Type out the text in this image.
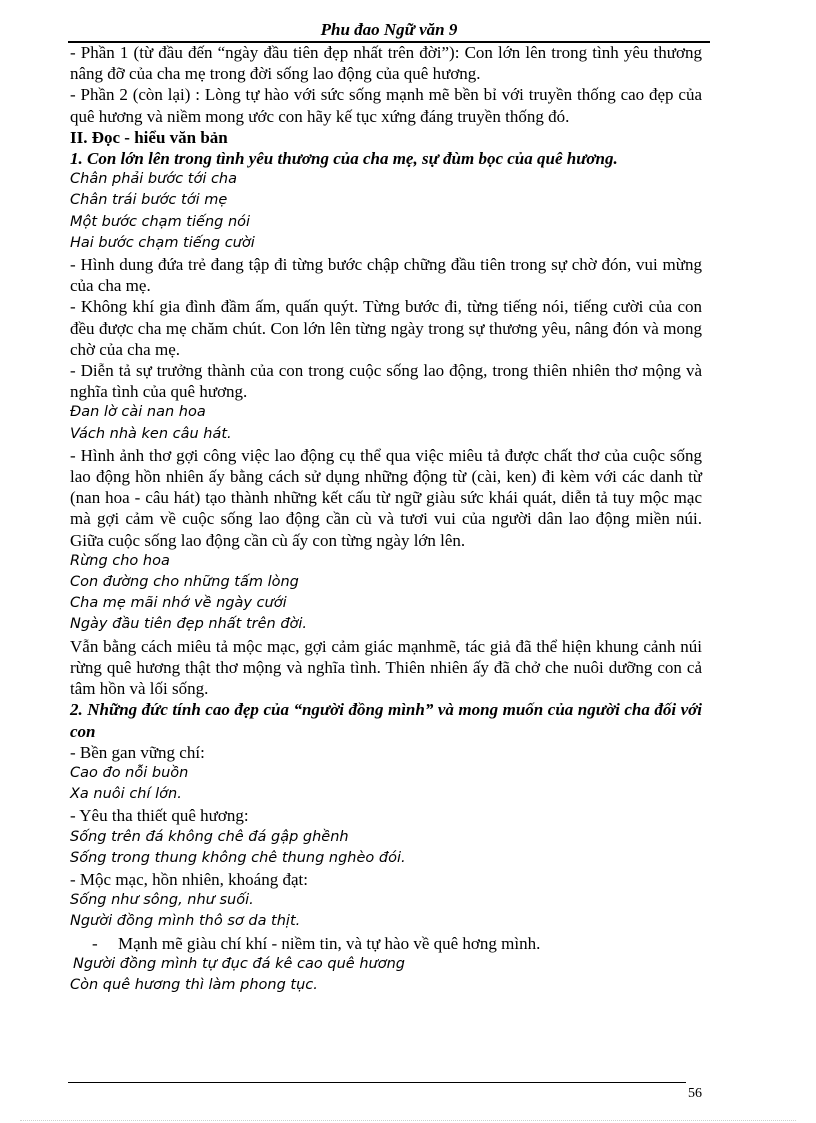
Phu đao Ngữ văn 9

- Phần 1 (từ đầu đến “ngày đầu tiên đẹp nhất trên đời”): Con lớn lên trong tình yêu thương nâng đỡ của cha mẹ trong đời sống lao động của quê hương.

- Phần 2 (còn lại) : Lòng tự hào với sức sống mạnh mẽ bền bỉ với truyền thống cao đẹp của quê hương và niềm mong ước con hãy kế tục xứng đáng truyền thống đó.

II. Đọc - hiểu văn bản

1. Con lớn lên trong tình yêu thương của cha mẹ, sự đùm bọc của quê hương.

Chân phải bước tới cha

Chân trái bước tới mẹ

Một bước chạm tiếng nói

Hai bước chạm tiếng cười

- Hình dung đứa trẻ đang tập đi từng bước chập chững đầu tiên trong sự chờ đón, vui mừng của cha mẹ.

- Không khí gia đình đầm ấm, quấn quýt. Từng bước đi, từng tiếng nói, tiếng cười của con đều được cha mẹ chăm chút. Con lớn lên từng ngày trong sự thương yêu, nâng đón và mong chờ của cha mẹ.

- Diễn tả sự trưởng thành của con trong cuộc sống lao động, trong thiên nhiên thơ mộng và nghĩa tình của quê hương.

Đan lờ cài nan hoa

Vách nhà ken câu hát.

- Hình ảnh thơ gợi công việc lao động cụ thể qua việc miêu tả được chất thơ của cuộc sống lao động hồn nhiên ấy bằng cách sử dụng những động từ (cài, ken) đi kèm với các danh từ (nan hoa - câu hát) tạo thành những kết cấu từ ngữ giàu sức khái quát, diễn tả tuy mộc mạc mà gợi cảm về cuộc sống lao động cần cù và tươi vui của người dân lao động miền núi. Giữa cuộc sống lao động cần cù ấy con từng ngày lớn lên.

Rừng cho hoa

Con đường cho những tấm lòng

Cha mẹ mãi nhớ về ngày cưới

Ngày đầu tiên đẹp nhất trên đời.

Vẫn bằng cách miêu tả mộc mạc, gợi cảm giác mạnhmẽ, tác giả đã thể hiện khung cảnh núi rừng quê hương thật thơ mộng và nghĩa tình. Thiên nhiên ấy đã chở che nuôi dưỡng con cả tâm hồn và lối sống.

2. Những đức tính cao đẹp của “người đồng mình” và mong muốn của người cha đối với con

- Bền gan vững chí:

Cao đo nỗi buồn

Xa nuôi chí lớn.

- Yêu tha thiết quê hương:

Sống trên đá không chê đá gập ghềnh

Sống trong thung không chê thung nghèo đói.

- Mộc mạc, hồn nhiên, khoáng đạt:

Sống như sông, như suối.

Người đồng mình thô sơ da thịt.

- Mạnh mẽ giàu chí khí - niềm tin, và tự hào về quê hơng mình.

Người đồng mình tự đục đá kê cao quê hương

Còn quê hương thì làm phong tục.

56
